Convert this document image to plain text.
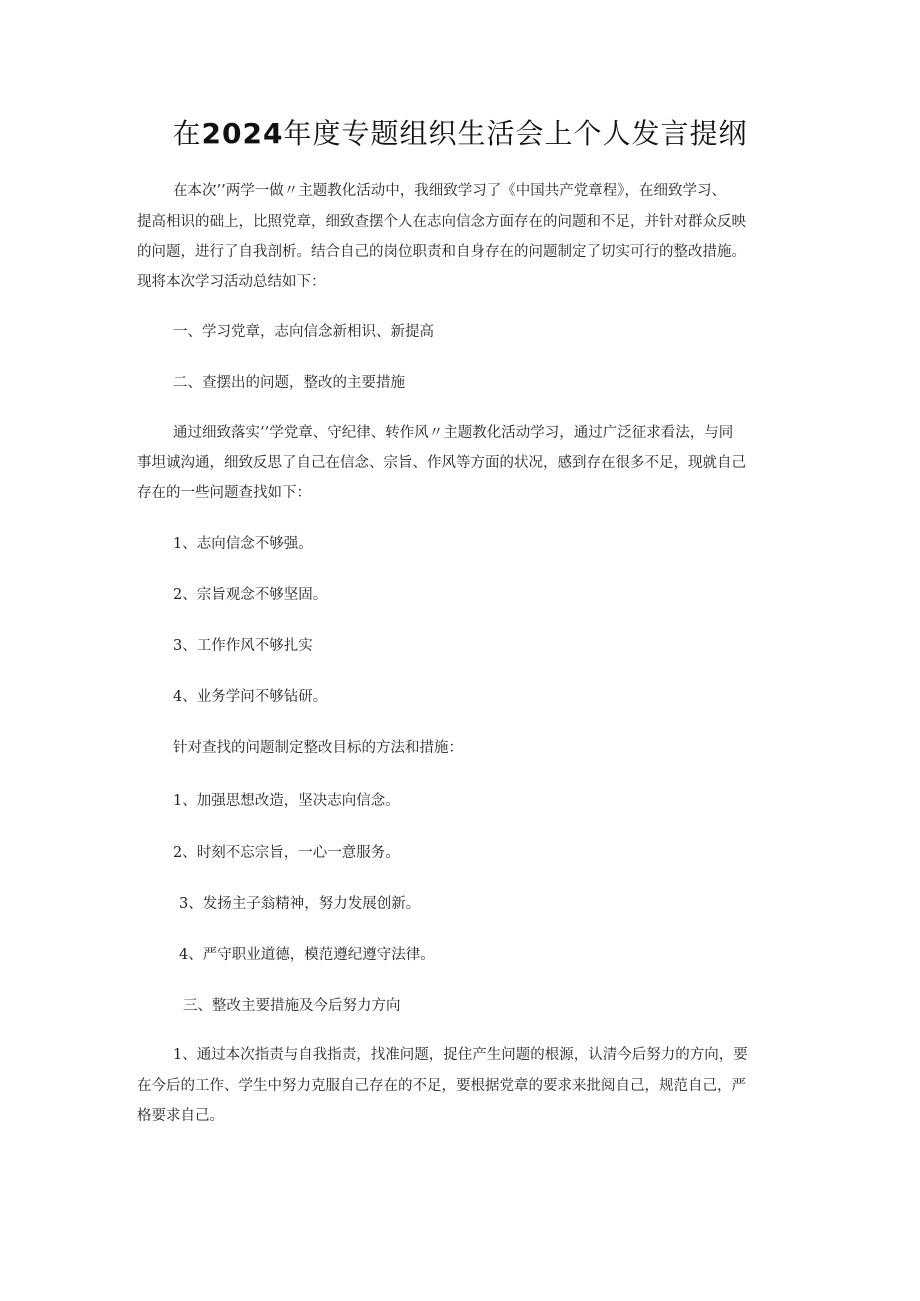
在2024年度专题组织生活会上个人发言提纲
在本次’’两学一做〃主题教化活动中，我细致学习了《中国共产党章程》，在细致学习、
提高相识的础上，比照党章，细致查摆个人在志向信念方面存在的问题和不足，并针对群众反映
的问题，进行了自我剖析。结合自己的岗位职责和自身存在的问题制定了切实可行的整改措施。
现将本次学习活动总结如下：
一、学习党章，志向信念新相识、新提高
二、查摆出的问题，整改的主要措施
通过细致落实’’学党章、守纪律、转作风〃主题教化活动学习，通过广泛征求看法，与同
事坦诚沟通，细致反思了自己在信念、宗旨、作风等方面的状况，感到存在很多不足，现就自己
存在的一些问题查找如下：
1、志向信念不够强。
2、宗旨观念不够坚固。
3、工作作风不够扎实
4、业务学问不够钻研。
针对查找的问题制定整改目标的方法和措施：
1、加强思想改造，坚决志向信念。
2、时刻不忘宗旨，一心一意服务。
3、发扬主子翁精神，努力发展创新。
4、严守职业道德，模范遵纪遵守法律。
三、整改主要措施及今后努力方向
1、通过本次指责与自我指责，找准问题，捉住产生问题的根源，认清今后努力的方向，要
在今后的工作、学生中努力克服自己存在的不足，要根据党章的要求来批阅自己，规范自己，严
格要求自己。
